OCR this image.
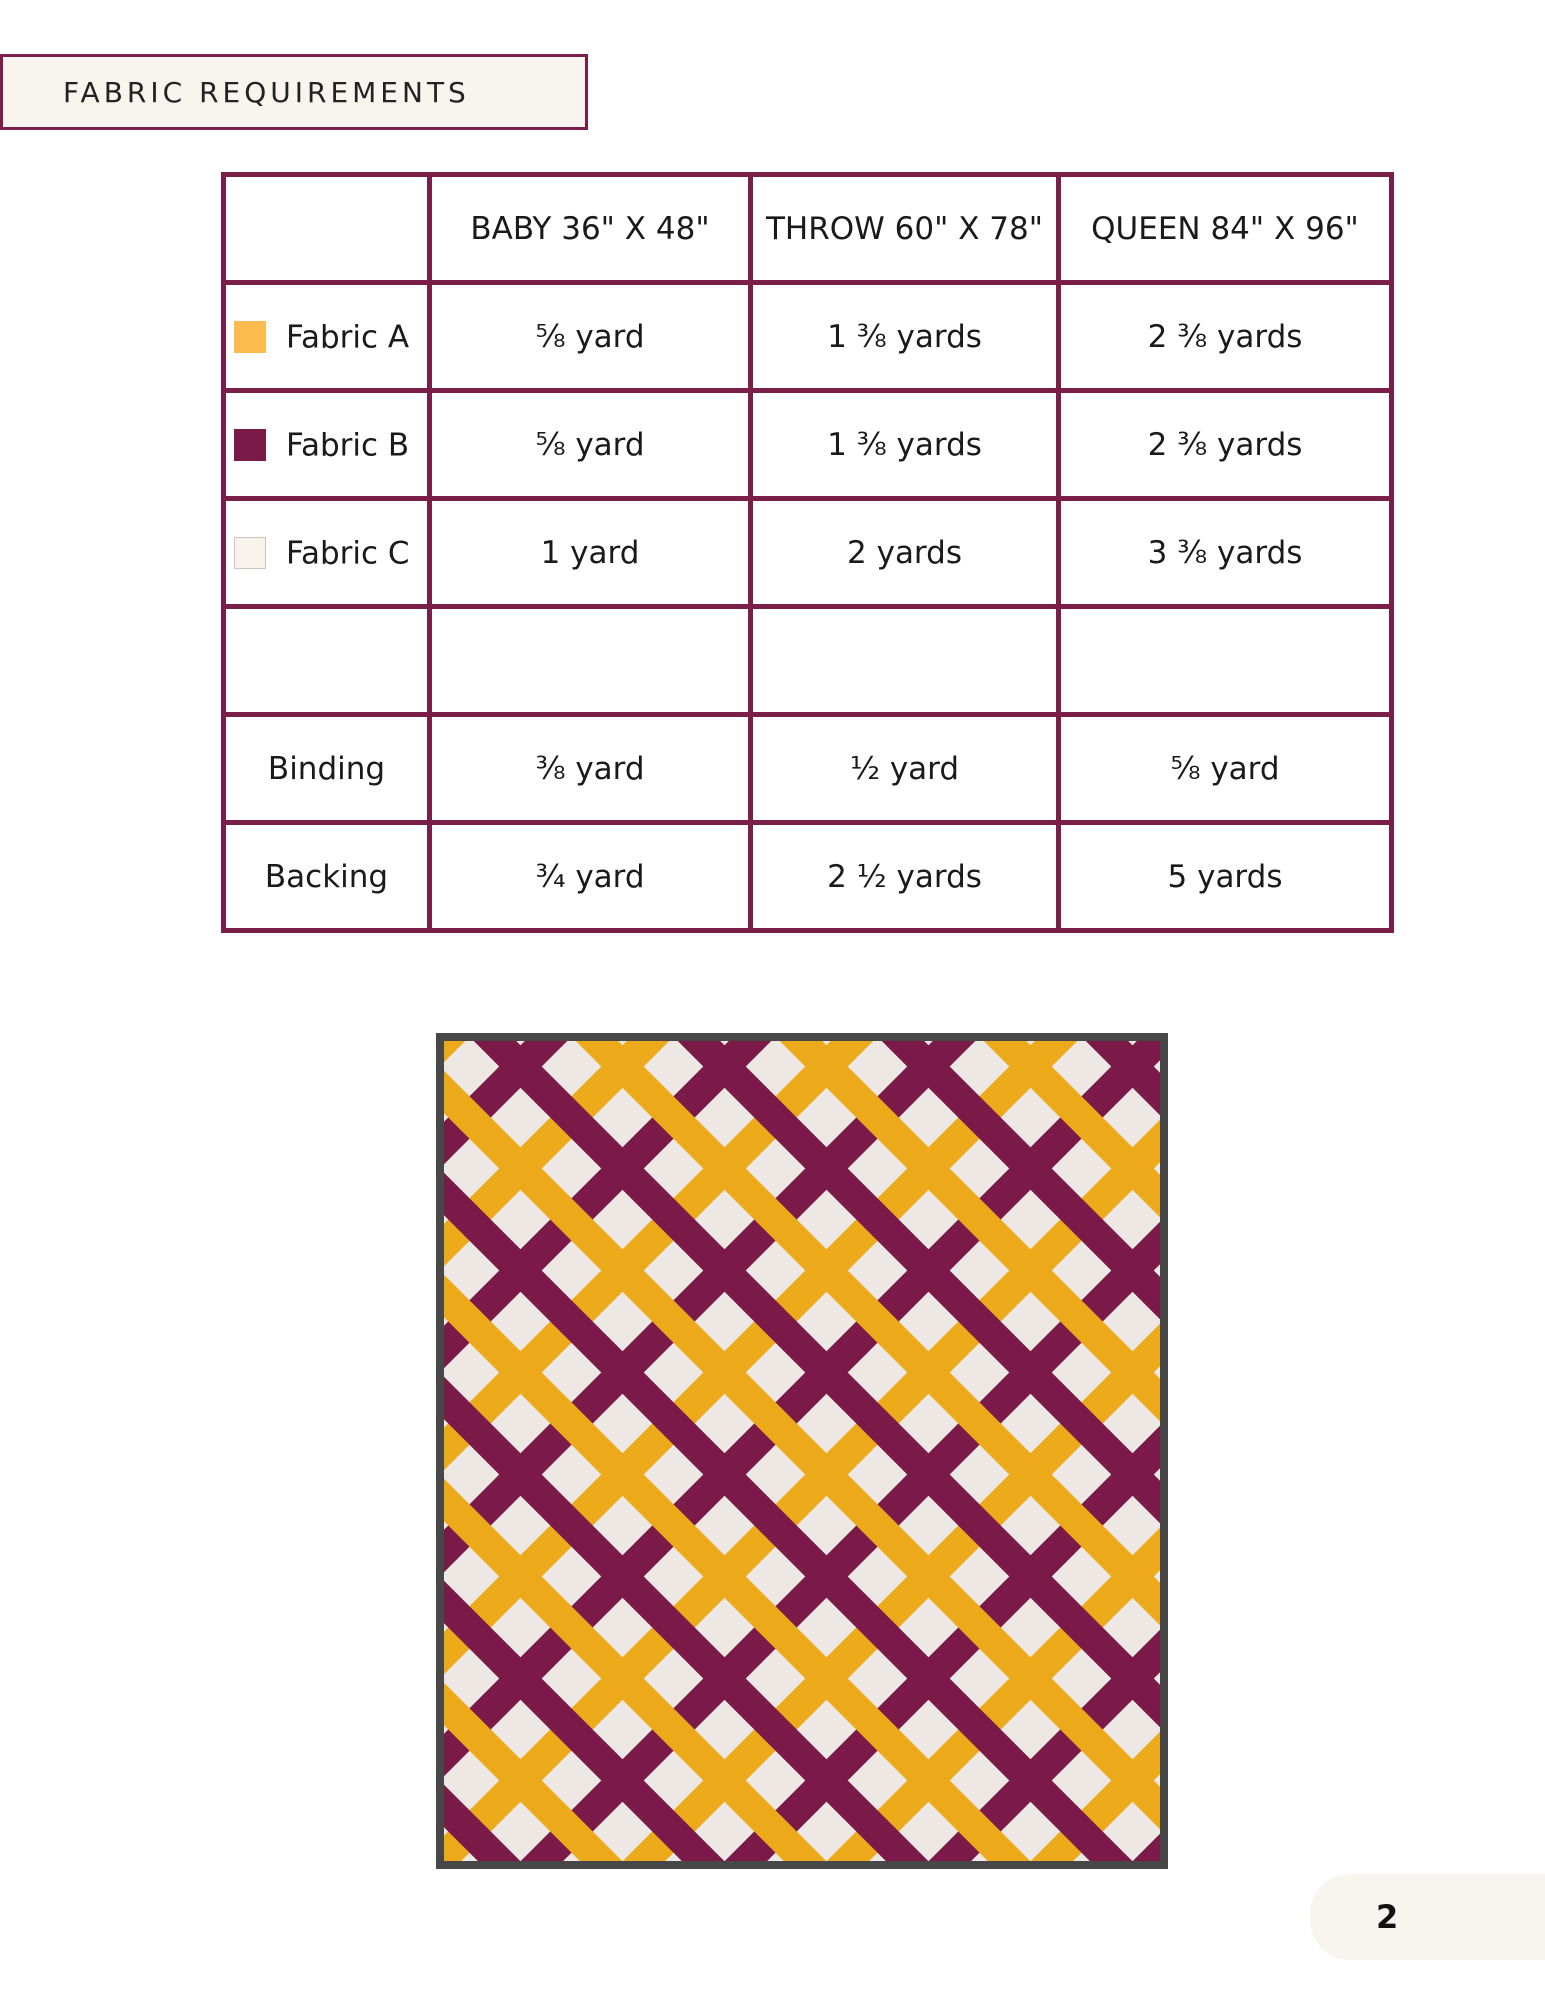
FABRIC REQUIREMENTS
	BABY 36" X 48"	THROW 60" X 78"	QUEEN 84" X 96"
Fabric A	⅝ yard	1 ⅜ yards	2 ⅜ yards
Fabric B	⅝ yard	1 ⅜ yards	2 ⅜ yards
Fabric C	1 yard	2 yards	3 ⅜ yards

Binding	⅜ yard	½ yard	⅝ yard
Backing	¾ yard	2 ½ yards	5 yards
2
